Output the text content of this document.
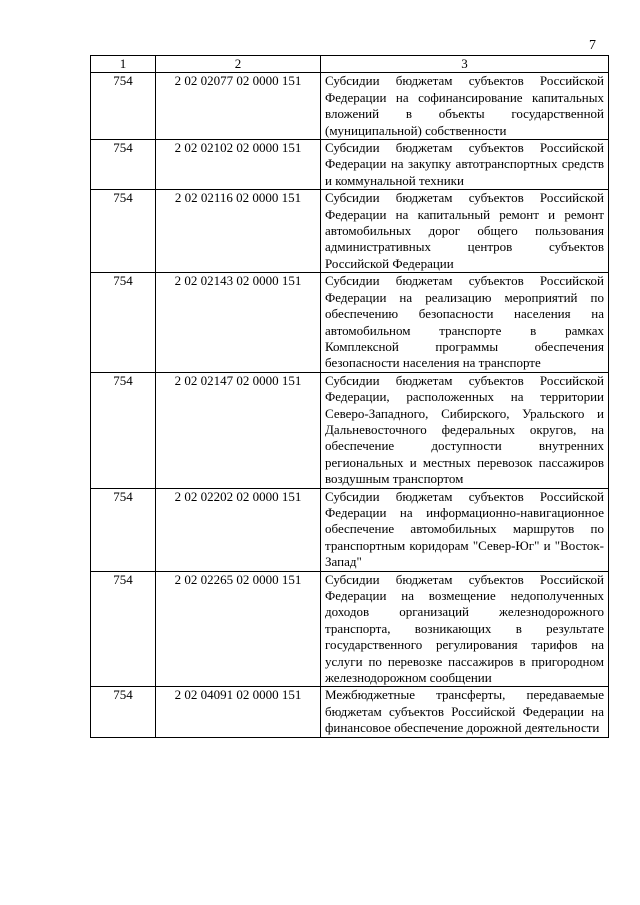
7
1	2	3
754	2 02 02077 02 0000 151	Субсидии бюджетам субъектов Российской Федерации на софинансирование капитальных вложений в объекты государственной (муниципальной) собственности
754	2 02 02102 02 0000 151	Субсидии бюджетам субъектов Российской Федерации на закупку автотранспортных средств и коммунальной техники
754	2 02 02116 02 0000 151	Субсидии бюджетам субъектов Российской Федерации на капитальный ремонт и ремонт автомобильных дорог общего пользования административных центров субъектов Российской Федерации
754	2 02 02143 02 0000 151	Субсидии бюджетам субъектов Российской Федерации на реализацию мероприятий по обеспечению безопасности населения на автомобильном транспорте в рамках Комплексной программы обеспечения безопасности населения на транспорте
754	2 02 02147 02 0000 151	Субсидии бюджетам субъектов Российской Федерации, расположенных на территории Северо-Западного, Сибирского, Уральского и Дальневосточного федеральных округов, на обеспечение доступности внутренних региональных и местных перевозок пассажиров воздушным транспортом
754	2 02 02202 02 0000 151	Субсидии бюджетам субъектов Российской Федерации на информационно-навигационное обеспечение автомобильных маршрутов по транспортным коридорам "Север-Юг" и "Восток-Запад"
754	2 02 02265 02 0000 151	Субсидии бюджетам субъектов Российской Федерации на возмещение недополученных доходов организаций железнодорожного транспорта, возникающих в результате государственного регулирования тарифов на услуги по перевозке пассажиров в пригородном железнодорожном сообщении
754	2 02 04091 02 0000 151	Межбюджетные трансферты, передаваемые бюджетам субъектов Российской Федерации на финансовое обеспечение дорожной деятельности
